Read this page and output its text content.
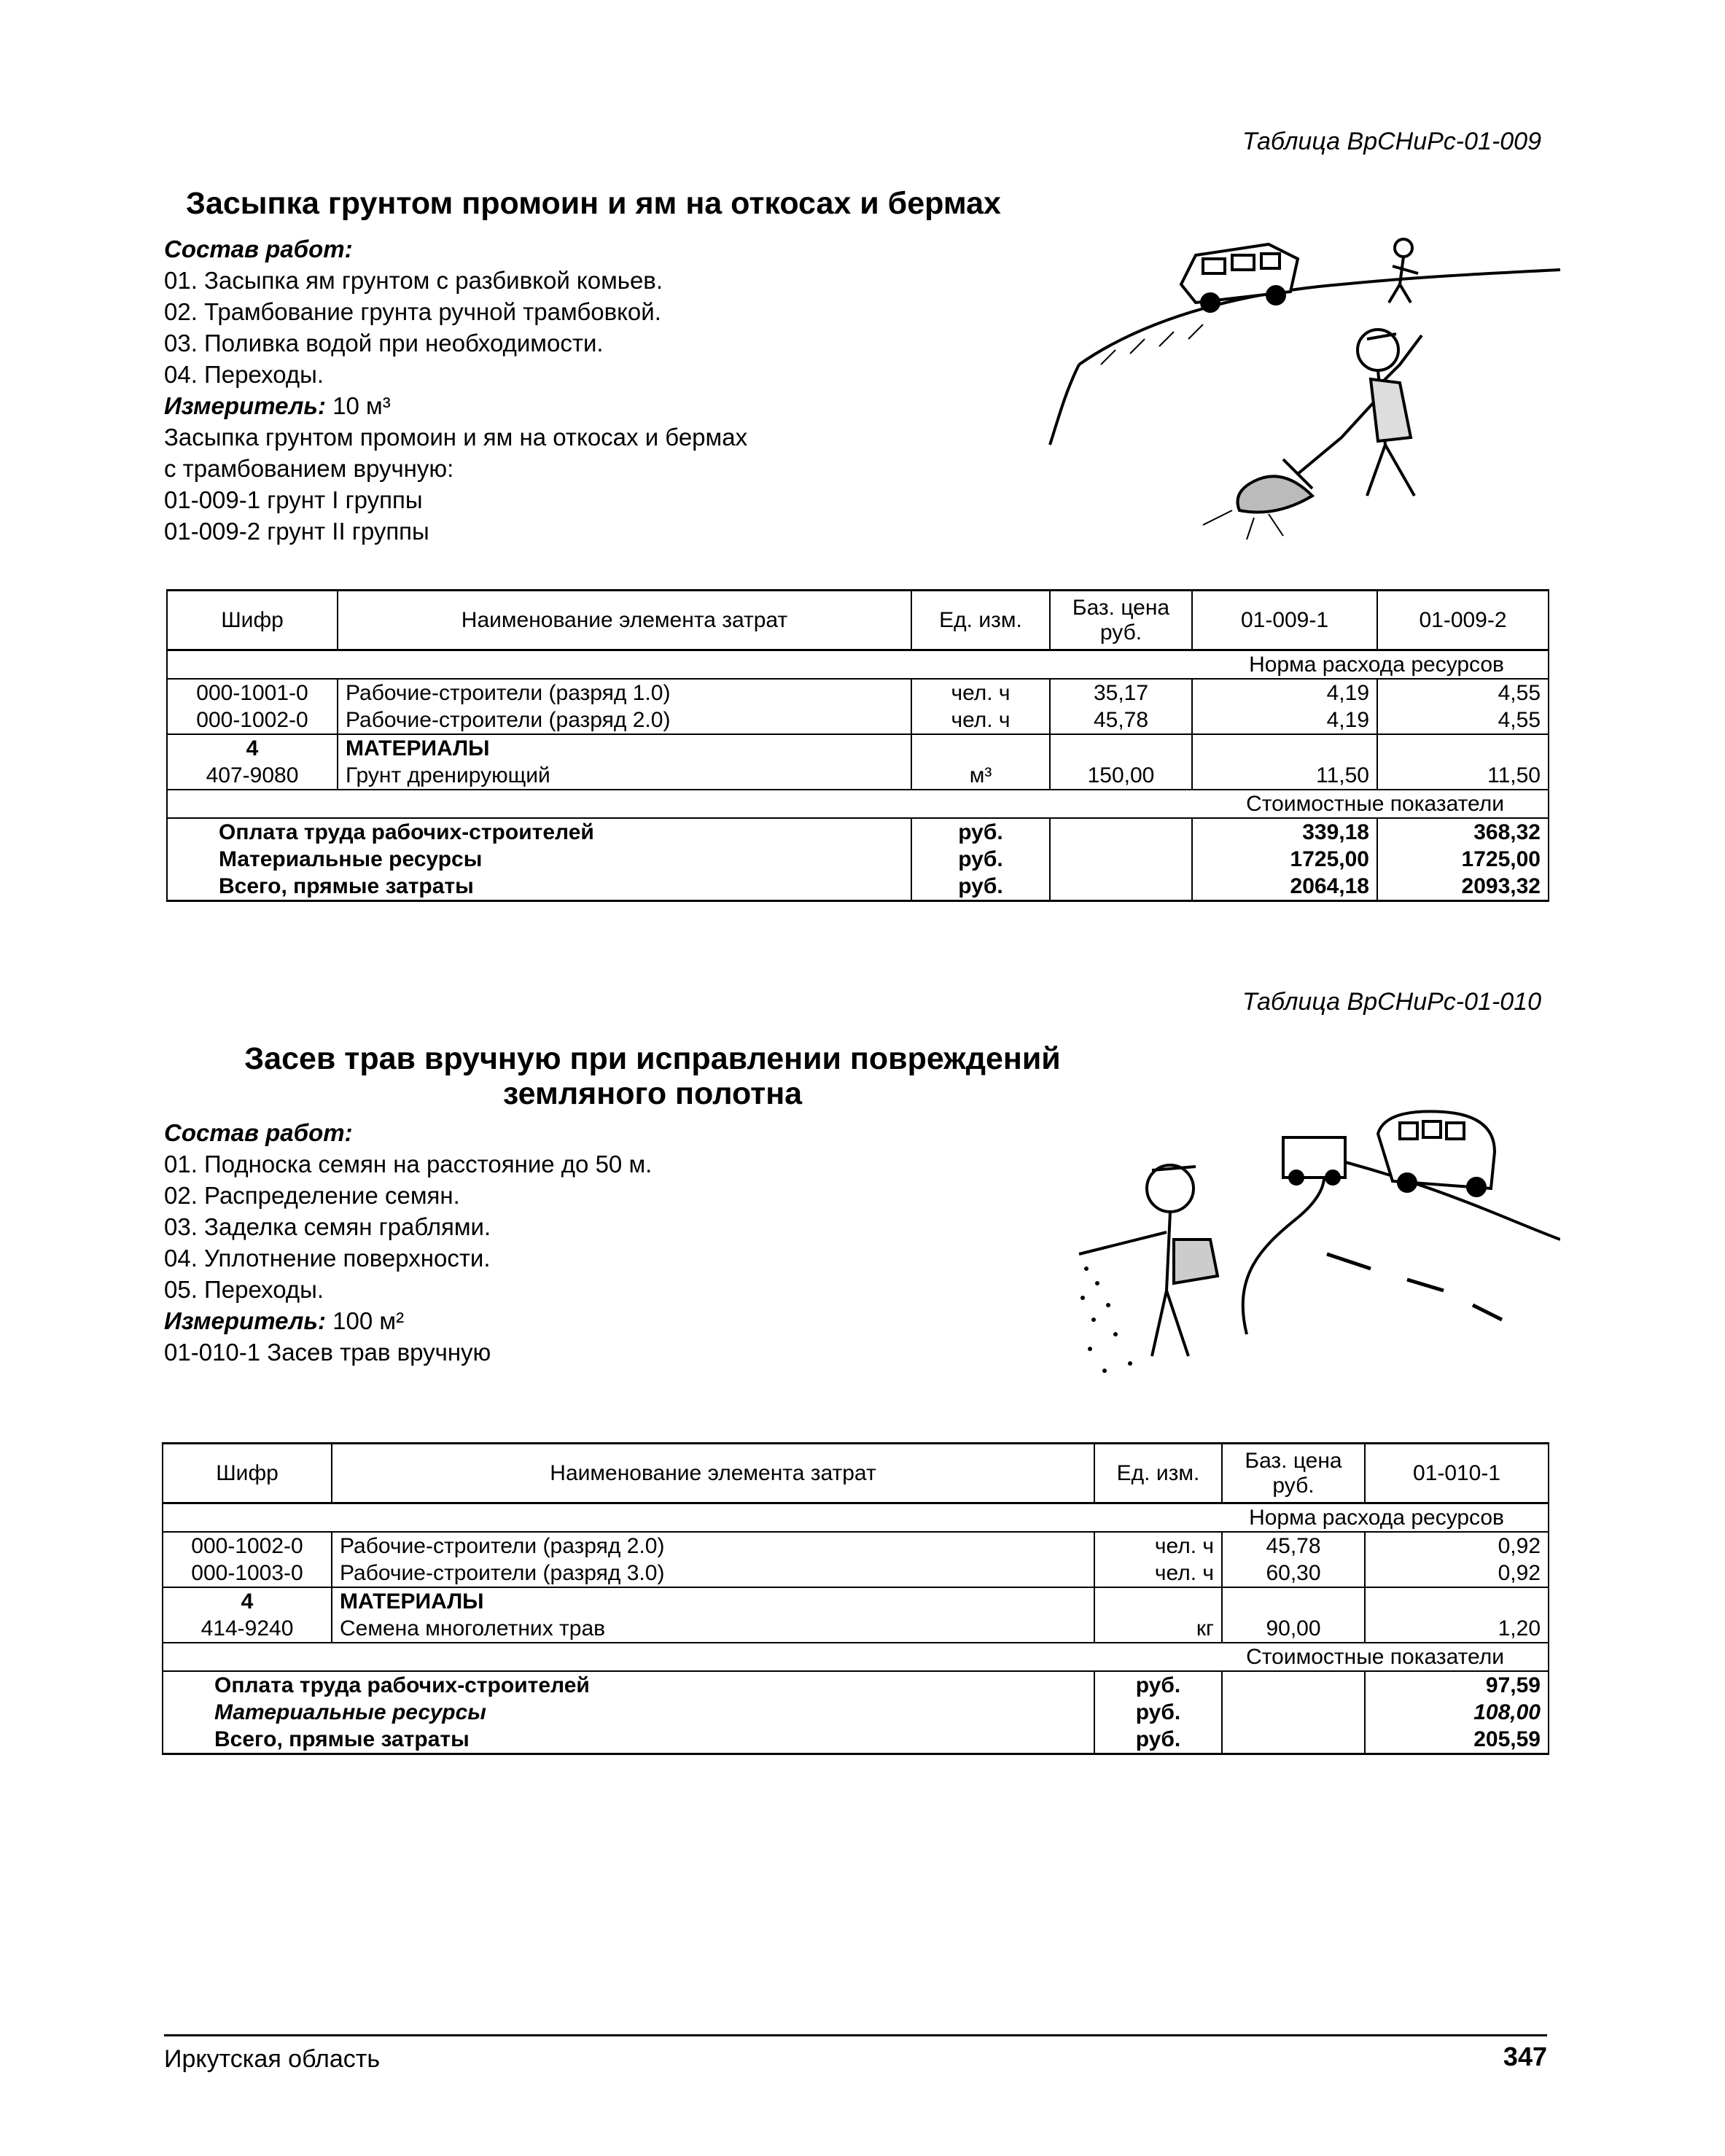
Таблица ВрСНиРс-01-009
Засыпка грунтом промоин и ям на откосах и бермах
Состав работ:
01. Засыпка ям грунтом с разбивкой комьев.
02. Трамбование грунта ручной трамбовкой.
03. Поливка водой при необходимости.
04. Переходы.
Измеритель: 10 м³
Засыпка грунтом промоин и ям на откосах и бермах
с трамбованием вручную:
01-009-1 грунт I группы
01-009-2 грунт II группы
Шифр	Наименование элемента затрат	Ед. изм.	Баз. цена руб.	01-009-1	01-009-2
Норма расхода ресурсов					
000-1001-0	Рабочие-строители (разряд 1.0)	чел. ч	35,17	4,19	4,55
000-1002-0	Рабочие-строители (разряд 2.0)	чел. ч	45,78	4,19	4,55
4	МАТЕРИАЛЫ				
407-9080	Грунт дренирующий	м³	150,00	11,50	11,50
Стоимостные показатели					
Оплата труда рабочих-строителей		руб.		339,18	368,32
Материальные ресурсы		руб.		1725,00	1725,00
Всего, прямые затраты		руб.		2064,18	2093,32
Таблица ВрСНиРс-01-010
Засев трав вручную при исправлении повреждений
земляного полотна
Состав работ:
01. Подноска семян на расстояние до 50 м.
02. Распределение семян.
03. Заделка семян граблями.
04. Уплотнение поверхности.
05. Переходы.
Измеритель: 100 м²
01-010-1 Засев трав вручную
Шифр	Наименование элемента затрат	Ед. изм.	Баз. цена руб.	01-010-1
Норма расхода ресурсов				
000-1002-0	Рабочие-строители (разряд 2.0)	чел. ч	45,78	0,92
000-1003-0	Рабочие-строители (разряд 3.0)	чел. ч	60,30	0,92
4	МАТЕРИАЛЫ			
414-9240	Семена многолетних трав	кг	90,00	1,20
Стоимостные показатели				
Оплата труда рабочих-строителей		руб.		97,59
Материальные ресурсы		руб.		108,00
Всего, прямые затраты		руб.		205,59
Иркутская область	347
